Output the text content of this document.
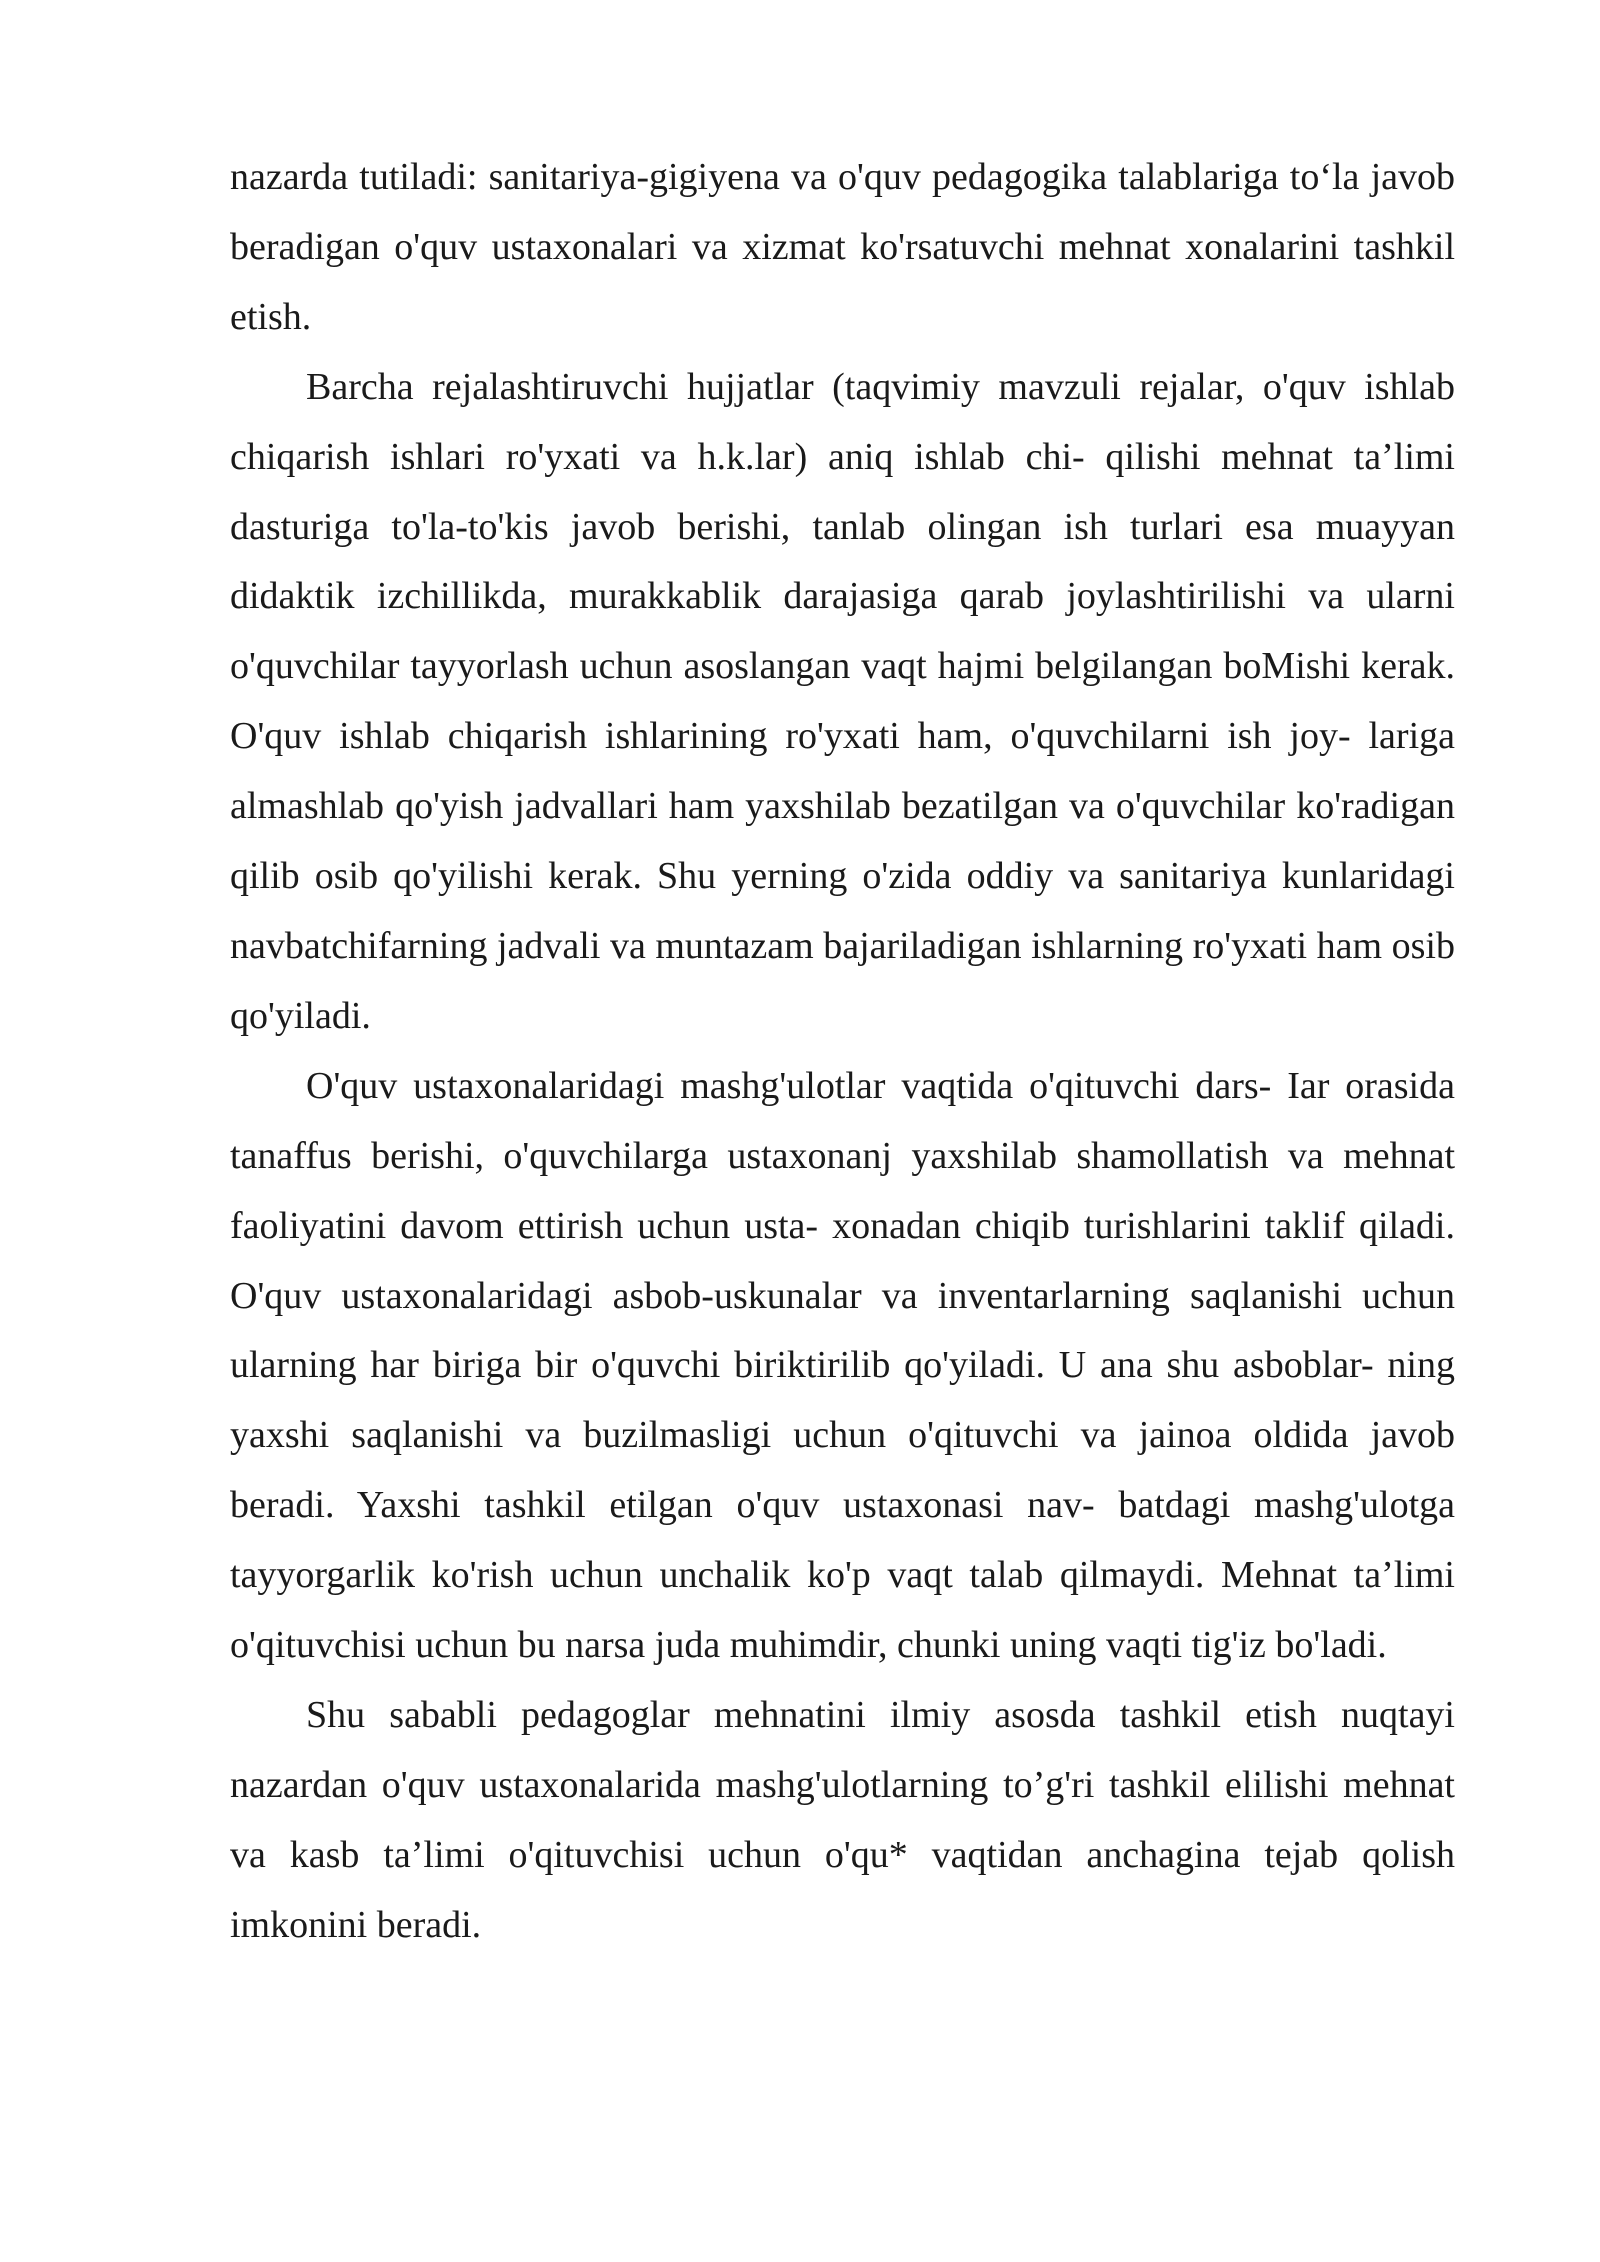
nazarda tutiladi: sanitariya-gigiyena va o'quv pedagogika talablariga to‘la javob beradigan o'quv ustaxonalari va xizmat ko'rsatuvchi mehnat xonalarini tashkil etish.

Barcha rejalashtiruvchi hujjatlar (taqvimiy mavzuli rejalar, o'quv ishlab chiqarish ishlari ro'yxati va h.k.lar) aniq ishlab chi- qilishi mehnat ta’limi dasturiga to'la-to'kis javob berishi, tanlab olingan ish turlari esa muayyan didaktik izchillikda, murakkablik darajasiga qarab joylashtirilishi va ularni o'quvchilar tayyorlash uchun asoslangan vaqt hajmi belgilangan boMishi kerak. O'quv ishlab chiqarish ishlarining ro'yxati ham, o'quvchilarni ish joy- lariga almashlab qo'yish jadvallari ham yaxshilab bezatilgan va o'quvchilar ko'radigan qilib osib qo'yilishi kerak. Shu yerning o'zida oddiy va sanitariya kunlaridagi navbatchifarning jadvali va muntazam bajariladigan ishlarning ro'yxati ham osib qo'yiladi.

O'quv ustaxonalaridagi mashg'ulotlar vaqtida o'qituvchi dars- Iar orasida tanaffus berishi, o'quvchilarga ustaxonanj yaxshilab shamollatish va mehnat faoliyatini davom ettirish uchun usta- xonadan chiqib turishlarini taklif qiladi. O'quv ustaxonalaridagi asbob-uskunalar va inventarlarning saqlanishi uchun ularning har biriga bir o'quvchi biriktirilib qo'yiladi. U ana shu asboblar- ning yaxshi saqlanishi va buzilmasligi uchun o'qituvchi va jainoa oldida javob beradi. Yaxshi tashkil etilgan o'quv ustaxonasi nav- batdagi mashg'ulotga tayyorgarlik ko'rish uchun unchalik ko'p vaqt talab qilmaydi. Mehnat ta’limi o'qituvchisi uchun bu narsa juda muhimdir, chunki uning vaqti tig'iz bo'ladi.

Shu sababli pedagoglar mehnatini ilmiy asosda tashkil etish nuqtayi nazardan o'quv ustaxonalarida mashg'ulotlarning to’g'ri tashkil elilishi mehnat va kasb ta’limi o'qituvchisi uchun o'qu* vaqtidan anchagina tejab qolish imkonini beradi.
